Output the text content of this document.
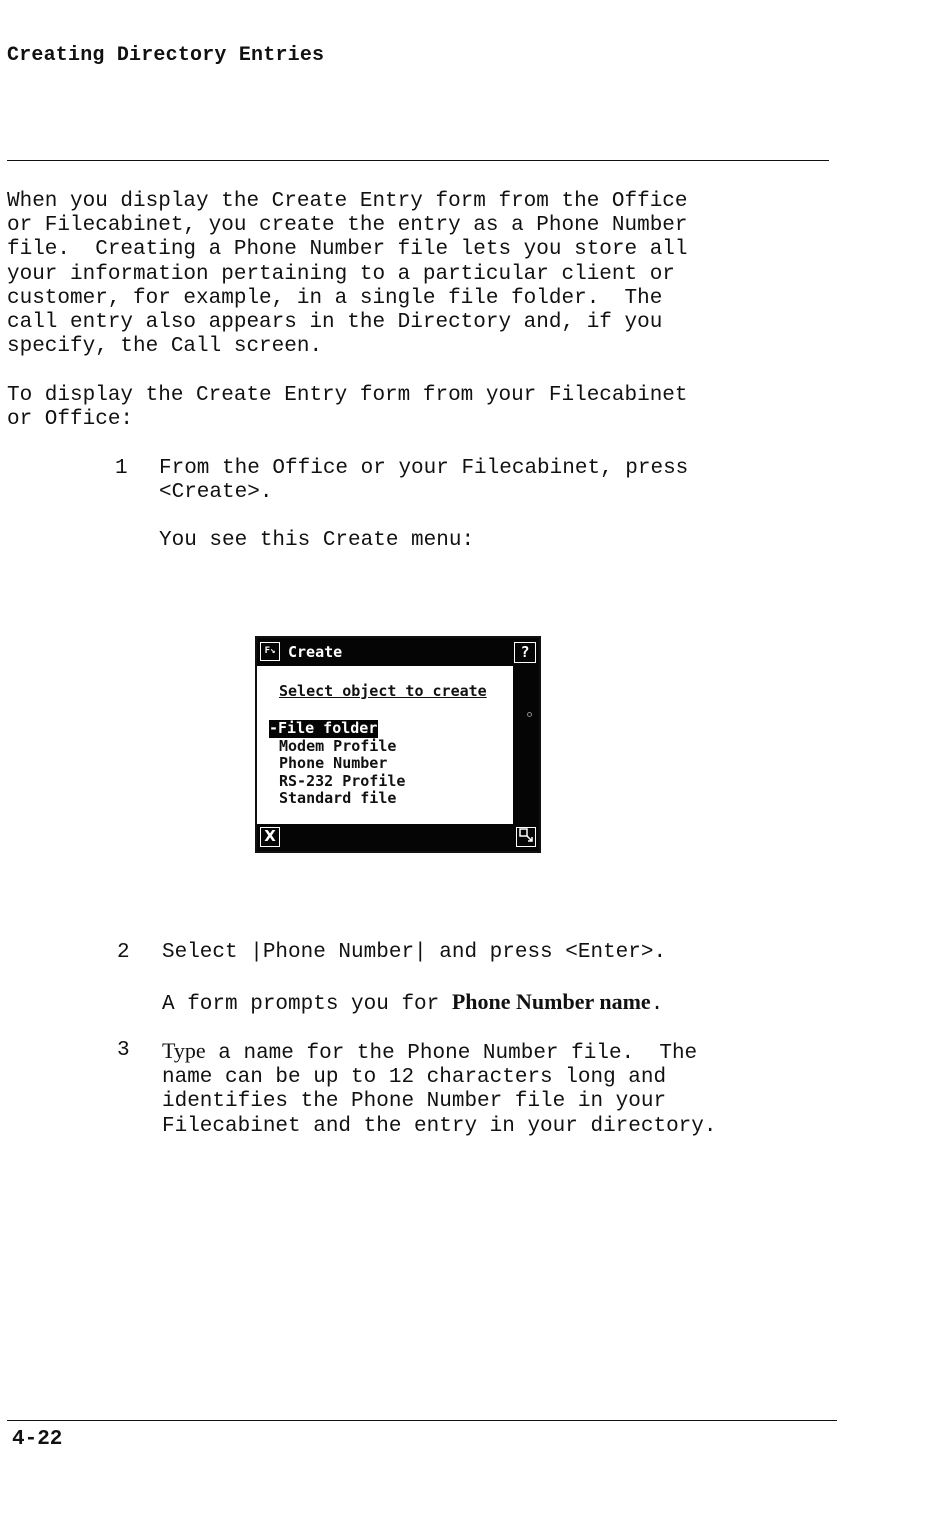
Creating Directory Entries
When you display the Create Entry form from the Office
or Filecabinet, you create the entry as a Phone Number
file.  Creating a Phone Number file lets you store all
your information pertaining to a particular client or
customer, for example, in a single file folder.  The
call entry also appears in the Directory and, if you
specify, the Call screen.
To display the Create Entry form from your Filecabinet
or Office:
1 From the Office or your Filecabinet, press
<Create>.
You see this Create menu:
F↘ Create	?
Select object to create
-File folder
Modem Profile
Phone Number
RS-232 Profile
Standard file
X
2 Select |Phone Number| and press <Enter>.
A form prompts you for Phone Number name.
3 Type a name for the Phone Number file.  The
name can be up to 12 characters long and
identifies the Phone Number file in your
Filecabinet and the entry in your directory.
4-22
